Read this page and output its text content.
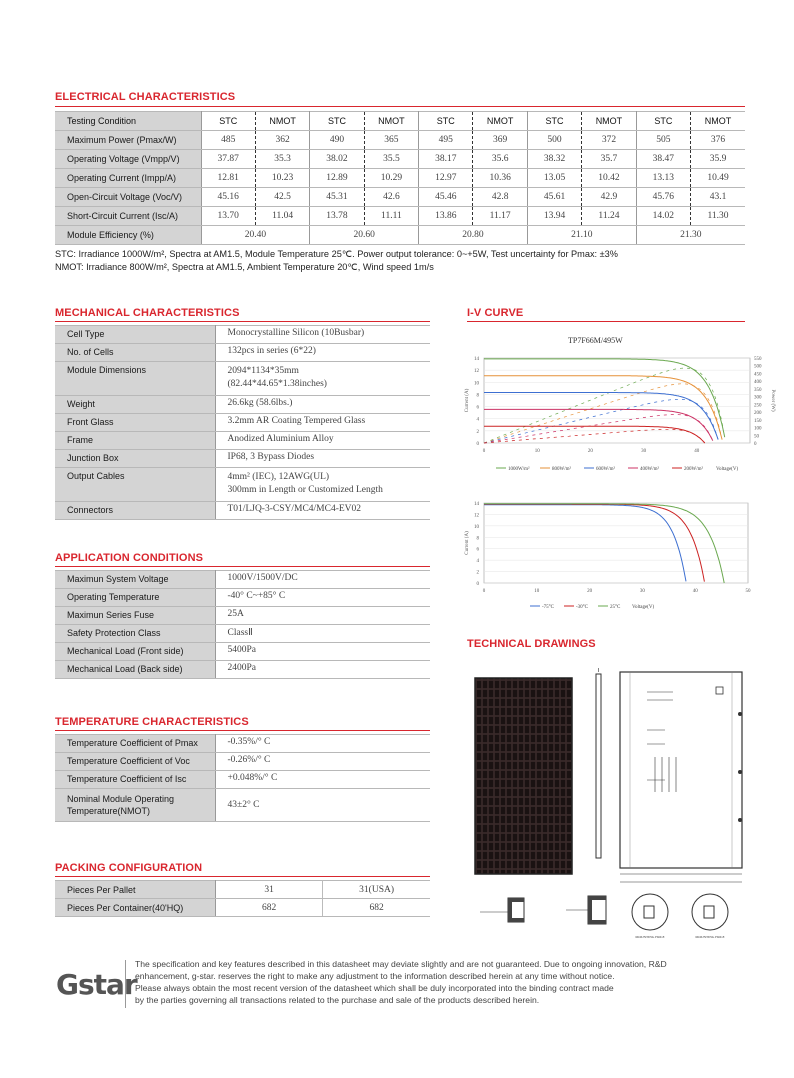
ELECTRICAL CHARACTERISTICS
Testing Condition	STC	NMOT	STC	NMOT	STC	NMOT	STC	NMOT	STC	NMOT
Maximum Power (Pmax/W)	485	362	490	365	495	369	500	372	505	376
Operating Voltage (Vmpp/V)	37.87	35.3	38.02	35.5	38.17	35.6	38.32	35.7	38.47	35.9
Operating Current (Impp/A)	12.81	10.23	12.89	10.29	12.97	10.36	13.05	10.42	13.13	10.49
Open-Circuit Voltage (Voc/V)	45.16	42.5	45.31	42.6	45.46	42.8	45.61	42.9	45.76	43.1
Short-Circuit Current (Isc/A)	13.70	11.04	13.78	11.11	13.86	11.17	13.94	11.24	14.02	11.30
Module Efficiency (%)	20.40		20.60		20.80		21.10		21.30	
STC: Irradiance 1000W/m², Spectra at AM1.5, Module Temperature 25℃. Power output tolerance: 0~+5W, Test uncertainty for Pmax: ±3%
NMOT: Irradiance 800W/m², Spectra at AM1.5, Ambient Temperature 20℃, Wind speed 1m/s
MECHANICAL CHARACTERISTICS
Cell Type	Monocrystalline Silicon (10Busbar)
No. of Cells	132pcs in series (6*22)
Module Dimensions	2094*1134*35mm
(82.44*44.65*1.38inches)

Weight	26.6kg (58.6lbs.)
Front Glass	3.2mm AR Coating Tempered Glass
Frame	Anodized Aluminium Alloy
Junction Box	IP68, 3 Bypass Diodes
Output Cables	4mm² (IEC), 12AWG(UL)
300mm in Length or Customized Length

Connectors	T01/LJQ-3-CSY/MC4/MC4-EV02
APPLICATION CONDITIONS
Maximun System Voltage	1000V/1500V/DC
Operating Temperature	-40° C~+85° C
Maximun Series Fuse	25A
Safety Protection Class	ClassⅡ
Mechanical Load (Front side)	5400Pa
Mechanical Load (Back side)	2400Pa
TEMPERATURE CHARACTERISTICS
Temperature Coefficient of Pmax	-0.35%/° C
Temperature Coefficient of Voc	-0.26%/° C
Temperature Coefficient of Isc	+0.048%/° C

Nominal Module Operating
Temperature(NMOT)	43±2° C
PACKING CONFIGURATION
Pieces Per Pallet	31	31(USA)
Pieces Per Container(40'HQ)	682	682
I-V CURVE
TP7F66M/495W
0
2
4
6
8
10
12
14
0	10	20	30	40
Current (A)
0
50
100
150
200
250
300
350
400
450
500
550
Power (W)
1000W/m²	800W/m²	600W/m²	400W/m²	200W/m²	Voltage(V)
0
2
4
6
8
10
12
14
0	10	20	30	40	50
Current (A)
-75°C	-30°C	25°C Voltage(V)
TECHNICAL DRAWINGS
MOUNTING HOLE	MOUNTING HOLE
Gstar
The specification and key features described in this datasheet may deviate slightly and are not guaranteed. Due to ongoing innovation, R&D
enhancement, g-star. reserves the right to make any adjustment to the information described herein at any time without notice.
Please always obtain the most recent version of the datasheet which shall be duly incorporated into the binding contract made
by the parties governing all transactions related to the purchase and sale of the products described herein.
